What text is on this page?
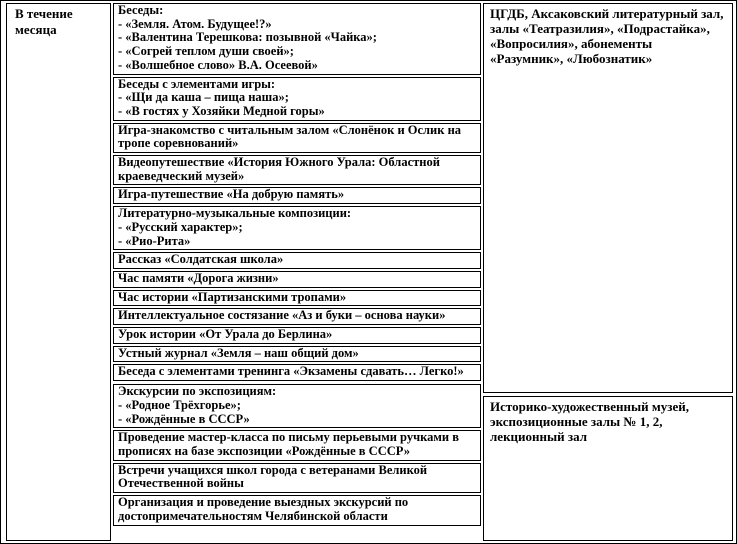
В течение месяца
Беседы:
- «Земля. Атом. Будущее!?»
- «Валентина Терешкова: позывной «Чайка»;
- «Согрей теплом души своей»;
- «Волшебное слово» В.А. Осеевой»
Беседы с элементами игры:
- «Щи да каша – пища наша»;
- «В гостях у Хозяйки Медной горы»
Игра-знакомство с читальным залом «Слонёнок и Ослик на тропе соревнований»
Видеопутешествие «История Южного Урала: Областной краеведческий музей»
Игра-путешествие «На добрую память»
Литературно-музыкальные композиции:
- «Русский характер»;
- «Рио-Рита»
Рассказ «Солдатская школа»
Час памяти «Дорога жизни»
Час истории «Партизанскими тропами»
Интеллектуальное состязание «Аз и буки – основа науки»
Урок истории «От Урала до Берлина»
Устный журнал «Земля – наш общий дом»
Беседа с элементами тренинга «Экзамены сдавать… Легко!»
Экскурсии по экспозициям:
- «Родное Трёхгорье»;
- «Рождённые в СССР»
Проведение мастер-класса по письму перьевыми ручками в прописях на базе экспозиции «Рождённые в СССР»
Встречи учащихся школ города с ветеранами Великой Отечественной войны
Организация и проведение выездных экскурсий по достопримечательностям Челябинской области
ЦГДБ, Аксаковский литературный зал, залы «Театразилия», «Подрастайка», «Вопросилия», абонементы «Разумник», «Любознатик»
Историко-художественный музей, экспозиционные залы № 1, 2, лекционный зал
